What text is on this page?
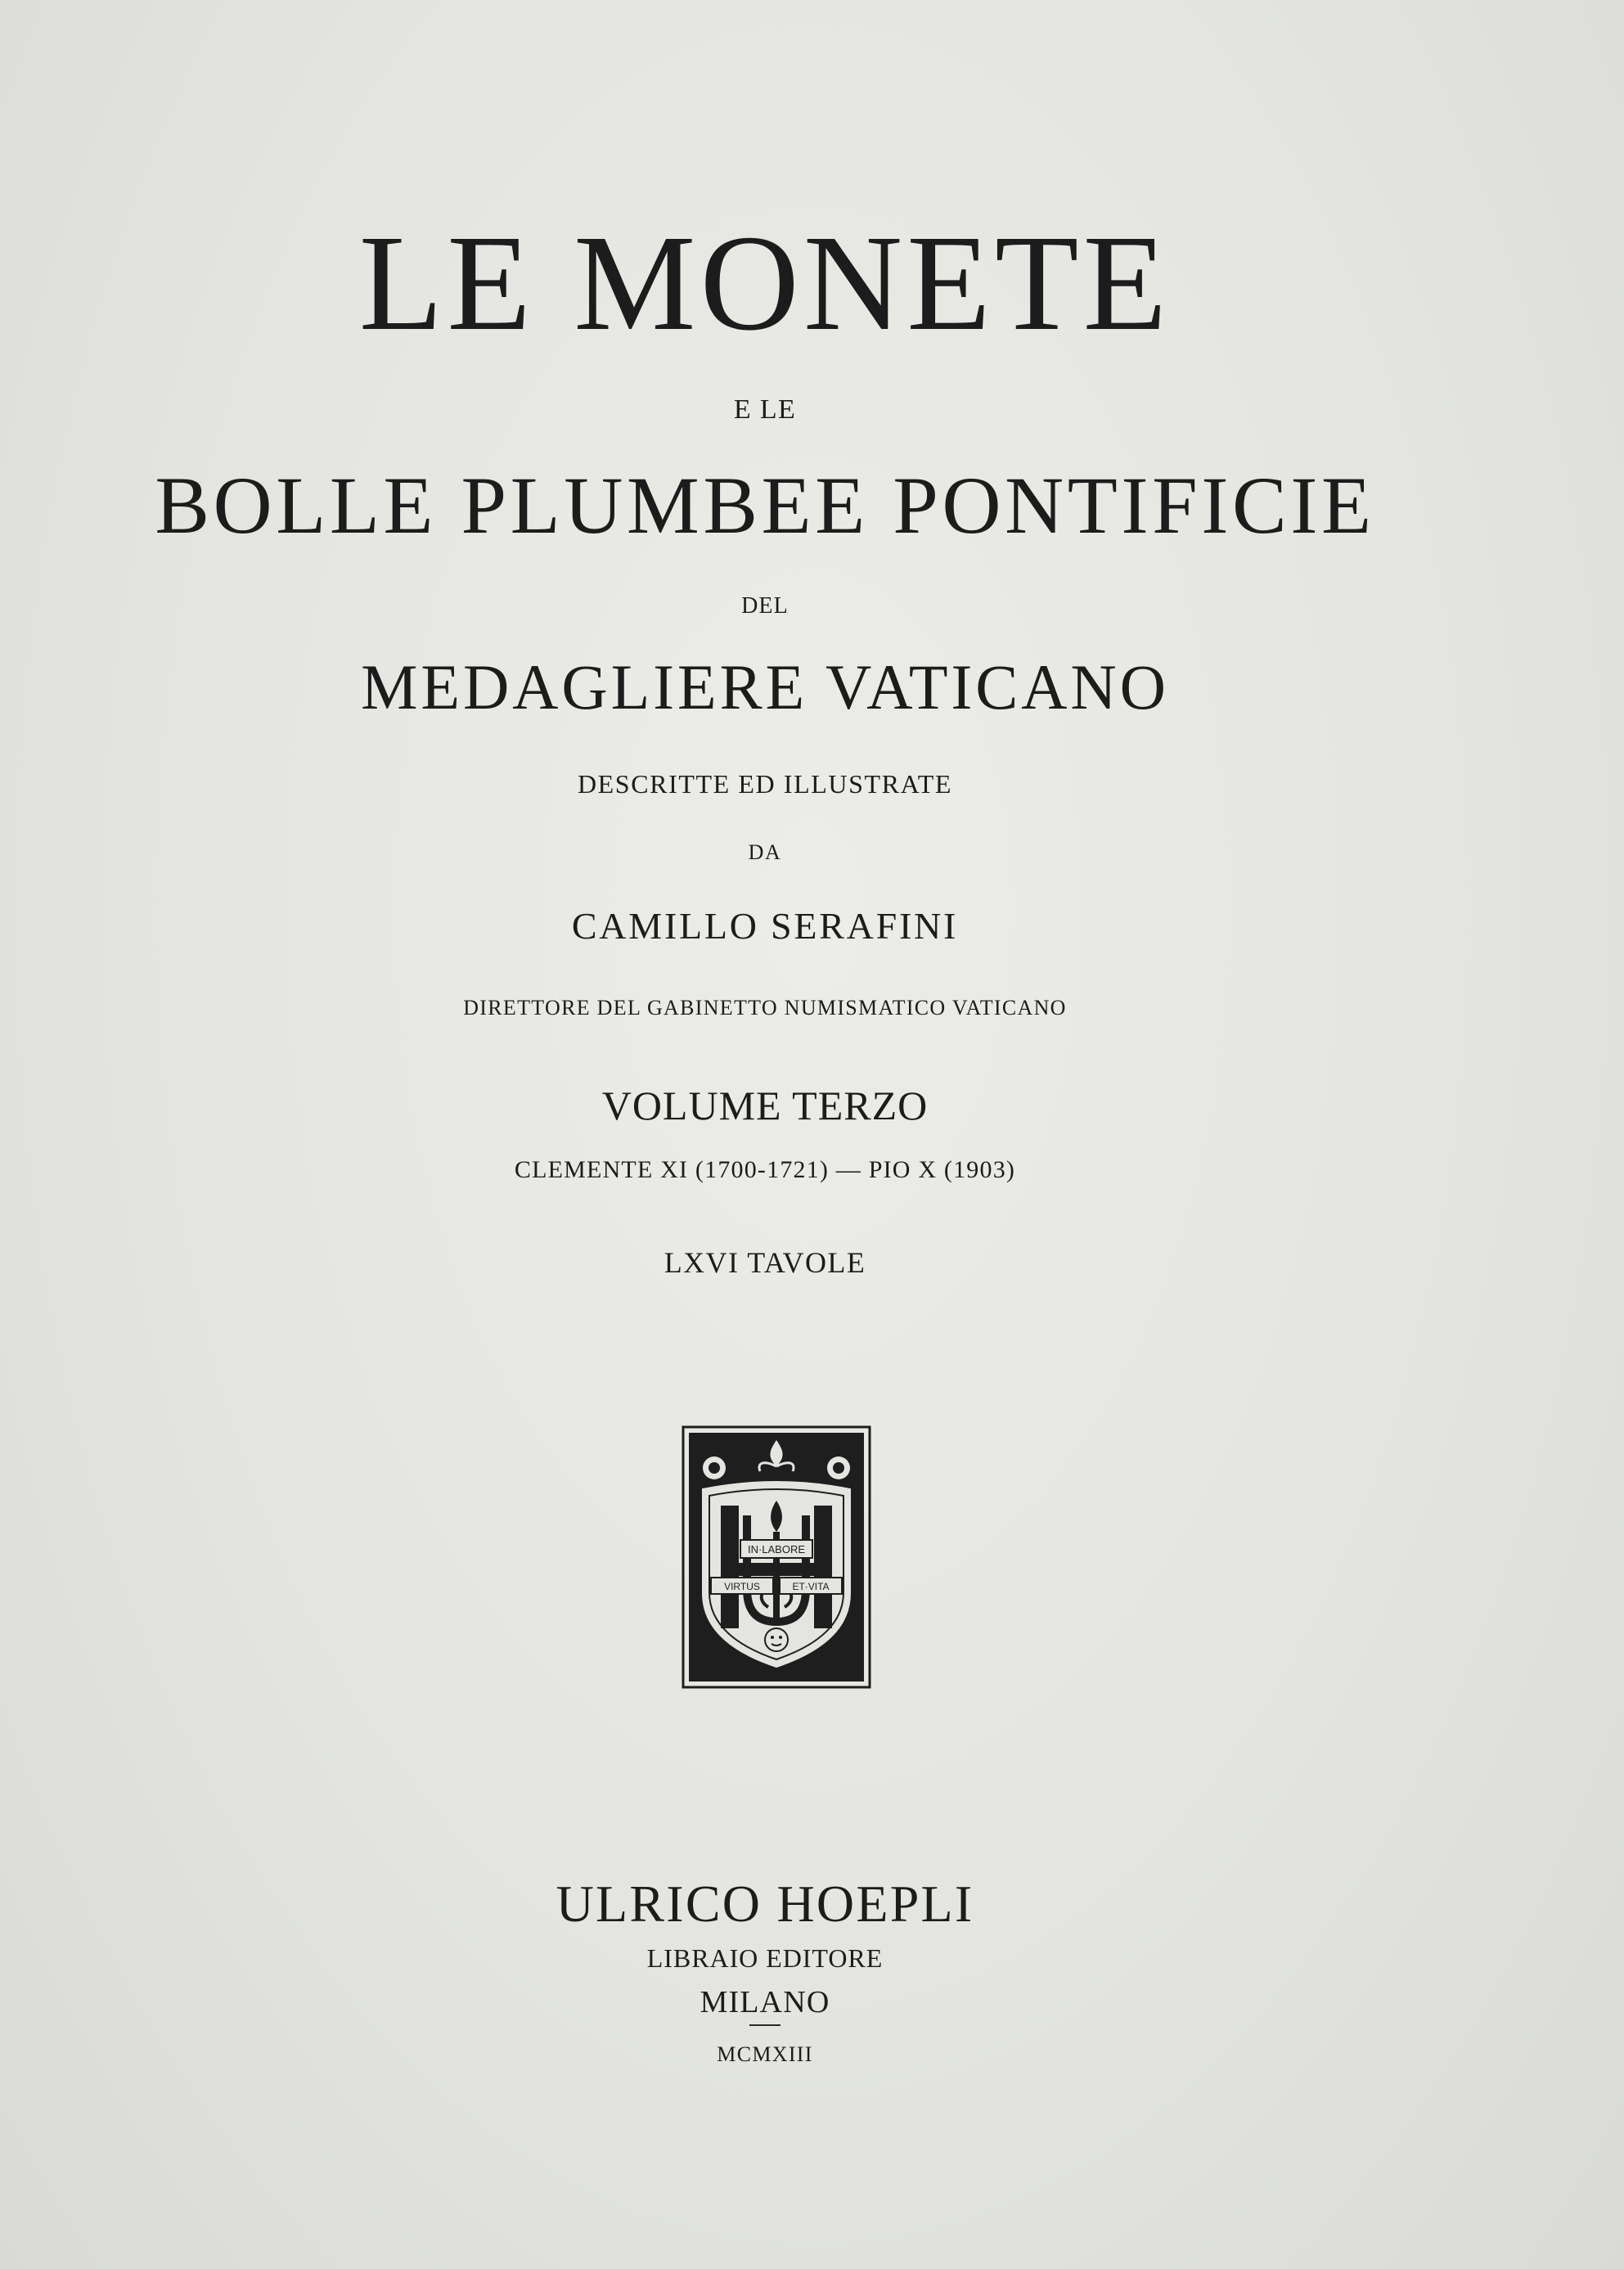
LE MONETE
E LE
BOLLE PLUMBEE PONTIFICIE
DEL
MEDAGLIERE VATICANO
DESCRITTE ED ILLUSTRATE
DA
CAMILLO SERAFINI
DIRETTORE DEL GABINETTO NUMISMATICO VATICANO
VOLUME TERZO
CLEMENTE XI (1700-1721) — PIO X (1903)
LXVI TAVOLE
IN·LABORE
VIRTUS	ET·VITA
ULRICO HOEPLI
LIBRAIO EDITORE
MILANO
MCMXIII
